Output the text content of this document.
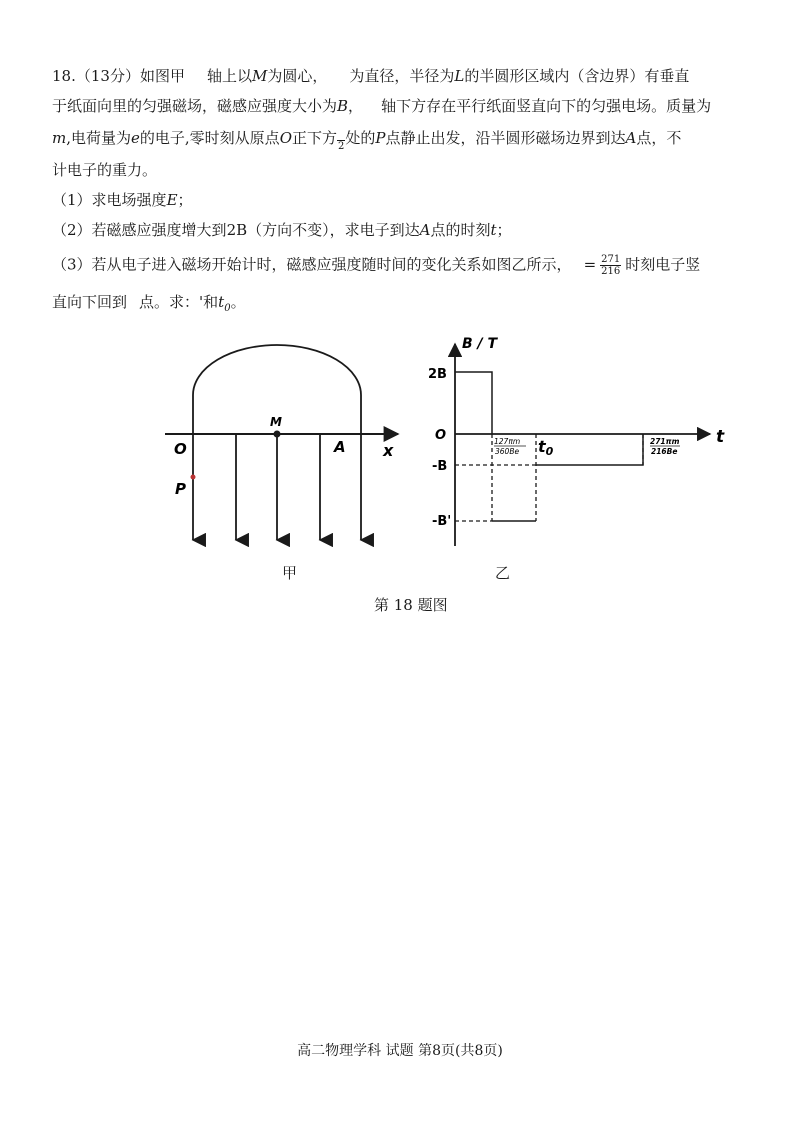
18.（13分）如图甲 轴上以M为圆心， 为直径，半径为L的半圆形区域内（含边界）有垂直
于纸面向里的匀强磁场，磁感应强度大小为B， 轴下方存在平行纸面竖直向下的匀强电场。质量为
m,电荷量为e的电子,零时刻从原点O正下方$_2$处的P点静止出发，沿半圆形磁场边界到达A点，不
计电子的重力。
（1）求电场强度E；
（2）若磁感应强度增大到2B（方向不变），求电子到达A点的时刻t；
（3）若从电子进入磁场开始计时，磁感应强度随时间的变化关系如图乙所示， = $\frac{271}{216}$ 时刻电子竖
直向下回到 点。求：'和$t_0$。
O
M
A x
P
甲
B / T
t
2B
O
-B
-B'
127πm
360Be t0
271πm
216Be
乙
第 18 题图
高二物理学科 试题 第8页(共8页)
